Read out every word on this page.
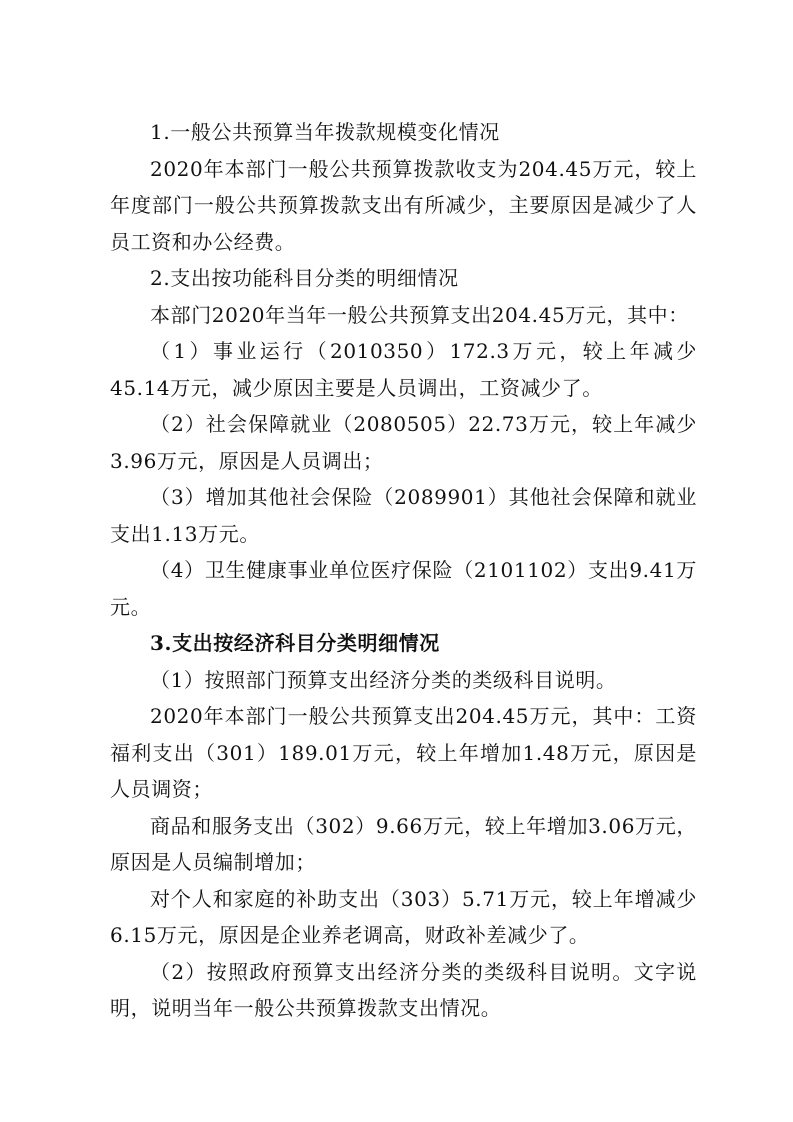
1.一般公共预算当年拨款规模变化情况

2020年本部门一般公共预算拨款收支为204.45万元，较上年度部门一般公共预算拨款支出有所减少，主要原因是减少了人员工资和办公经费。

2.支出按功能科目分类的明细情况

本部门2020年当年一般公共预算支出204.45万元，其中：

（1）事业运行（2010350）172.3万元，较上年减少45.14万元，减少原因主要是人员调出，工资减少了。

（2）社会保障就业（2080505）22.73万元，较上年减少3.96万元，原因是人员调出；

（3）增加其他社会保险（2089901）其他社会保障和就业支出1.13万元。

（4）卫生健康事业单位医疗保险（2101102）支出9.41万元。

3.支出按经济科目分类明细情况

（1）按照部门预算支出经济分类的类级科目说明。

2020年本部门一般公共预算支出204.45万元，其中：工资福利支出（301）189.01万元，较上年增加1.48万元，原因是人员调资；

商品和服务支出（302）9.66万元，较上年增加3.06万元，原因是人员编制增加；

对个人和家庭的补助支出（303）5.71万元，较上年增减少6.15万元，原因是企业养老调高，财政补差减少了。

（2）按照政府预算支出经济分类的类级科目说明。文字说明，说明当年一般公共预算拨款支出情况。
